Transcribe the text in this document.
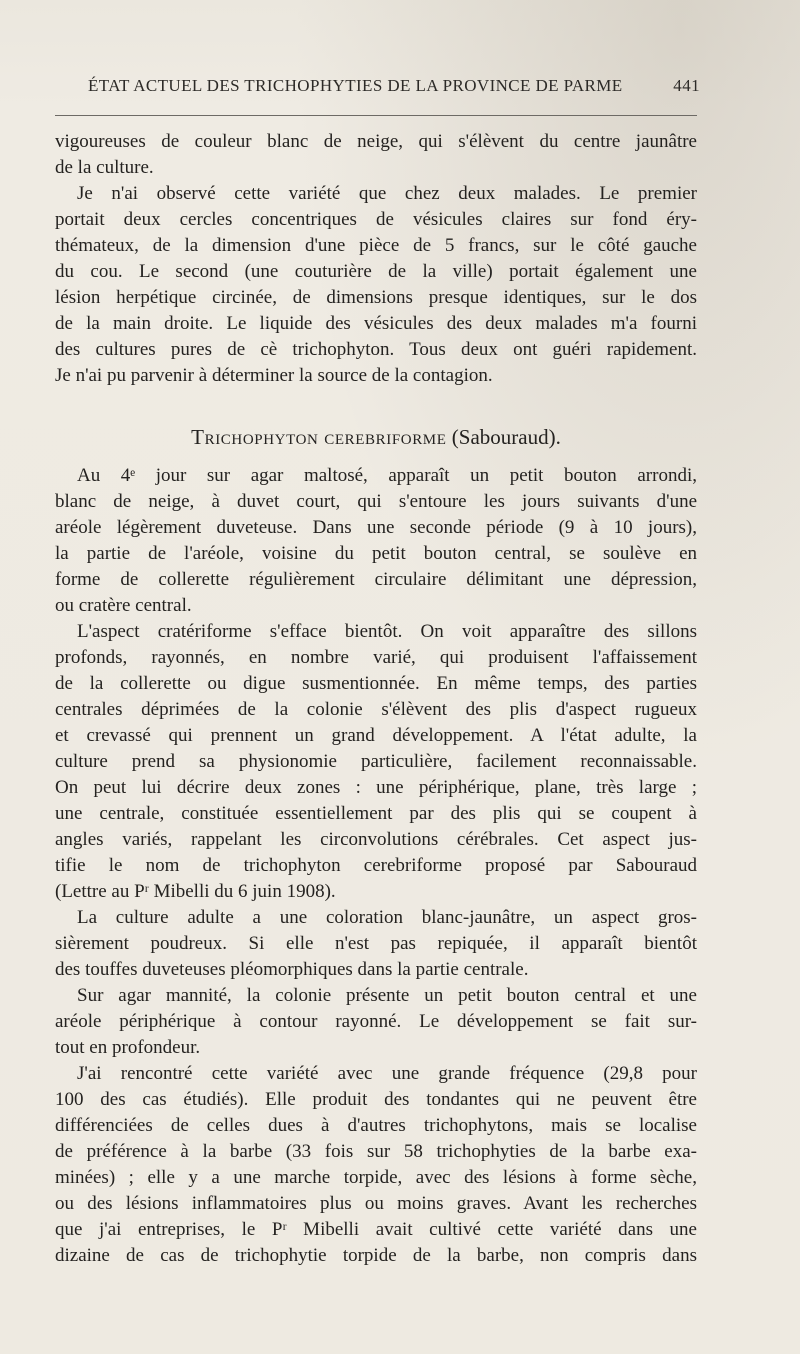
ÉTAT ACTUEL DES TRICHOPHYTIES DE LA PROVINCE DE PARME	441
vigoureuses de couleur blanc de neige, qui s'élèvent du centre jaunâtre
de la culture.
Je n'ai observé cette variété que chez deux malades. Le premier
portait deux cercles concentriques de vésicules claires sur fond éry-
thémateux, de la dimension d'une pièce de 5 francs, sur le côté gauche
du cou. Le second (une couturière de la ville) portait également une
lésion herpétique circinée, de dimensions presque identiques, sur le dos
de la main droite. Le liquide des vésicules des deux malades m'a fourni
des cultures pures de cè trichophyton. Tous deux ont guéri rapidement.
Je n'ai pu parvenir à déterminer la source de la contagion.
Trichophyton cerebriforme (Sabouraud).
Au 4ᵉ jour sur agar maltosé, apparaît un petit bouton arrondi,
blanc de neige, à duvet court, qui s'entoure les jours suivants d'une
aréole légèrement duveteuse. Dans une seconde période (9 à 10 jours),
la partie de l'aréole, voisine du petit bouton central, se soulève en
forme de collerette régulièrement circulaire délimitant une dépression,
ou cratère central.
L'aspect cratériforme s'efface bientôt. On voit apparaître des sillons
profonds, rayonnés, en nombre varié, qui produisent l'affaissement
de la collerette ou digue susmentionnée. En même temps, des parties
centrales déprimées de la colonie s'élèvent des plis d'aspect rugueux
et crevassé qui prennent un grand développement. A l'état adulte, la
culture prend sa physionomie particulière, facilement reconnaissable.
On peut lui décrire deux zones : une périphérique, plane, très large ;
une centrale, constituée essentiellement par des plis qui se coupent à
angles variés, rappelant les circonvolutions cérébrales. Cet aspect jus-
tifie le nom de trichophyton cerebriforme proposé par Sabouraud
(Lettre au Pʳ Mibelli du 6 juin 1908).
La culture adulte a une coloration blanc-jaunâtre, un aspect gros-
sièrement poudreux. Si elle n'est pas repiquée, il apparaît bientôt
des touffes duveteuses pléomorphiques dans la partie centrale.
Sur agar mannité, la colonie présente un petit bouton central et une
aréole périphérique à contour rayonné. Le développement se fait sur-
tout en profondeur.
J'ai rencontré cette variété avec une grande fréquence (29,8 pour
100 des cas étudiés). Elle produit des tondantes qui ne peuvent être
différenciées de celles dues à d'autres trichophytons, mais se localise
de préférence à la barbe (33 fois sur 58 trichophyties de la barbe exa-
minées) ; elle y a une marche torpide, avec des lésions à forme sèche,
ou des lésions inflammatoires plus ou moins graves. Avant les recherches
que j'ai entreprises, le Pʳ Mibelli avait cultivé cette variété dans une
dizaine de cas de trichophytie torpide de la barbe, non compris dans
